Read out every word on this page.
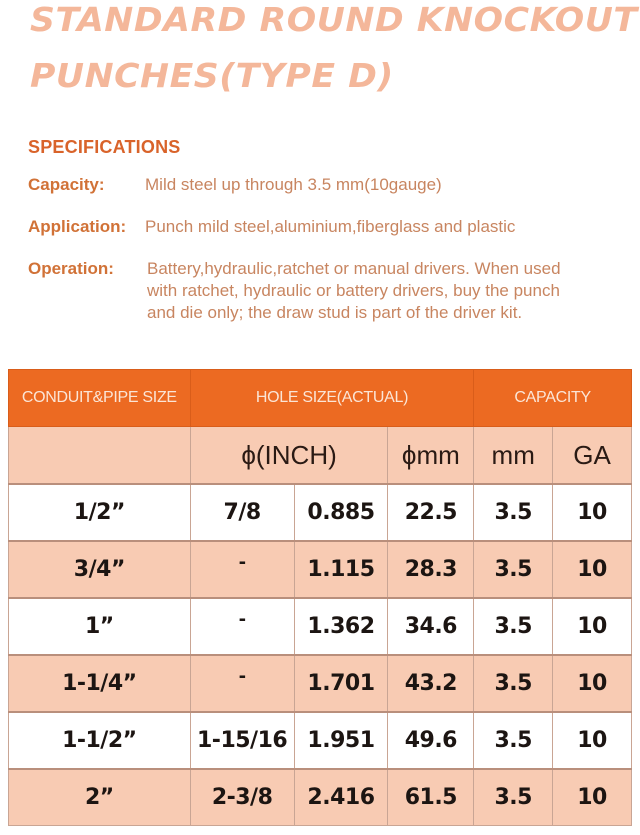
STANDARD ROUND KNOCKOUT
PUNCHES(TYPE D)
SPECIFICATIONS
Capacity: Mild steel up through 3.5 mm(10gauge)
Application: Punch mild steel,aluminium,fiberglass and plastic
Operation: Battery,hydraulic,ratchet or manual drivers. When used
with ratchet, hydraulic or battery drivers, buy the punch
and die only; the draw stud is part of the driver kit.
CONDUIT&PIPE SIZE	HOLE SIZE(ACTUAL)			CAPACITY	
	ϕ(INCH)		ϕmm	mm	GA
1/2”	7/8	0.885	22.5	3.5	10
3/4”	-	1.115	28.3	3.5	10
1”	-	1.362	34.6	3.5	10
1-1/4”	-	1.701	43.2	3.5	10
1-1/2”	1-15/16	1.951	49.6	3.5	10
2”	2-3/8	2.416	61.5	3.5	10
